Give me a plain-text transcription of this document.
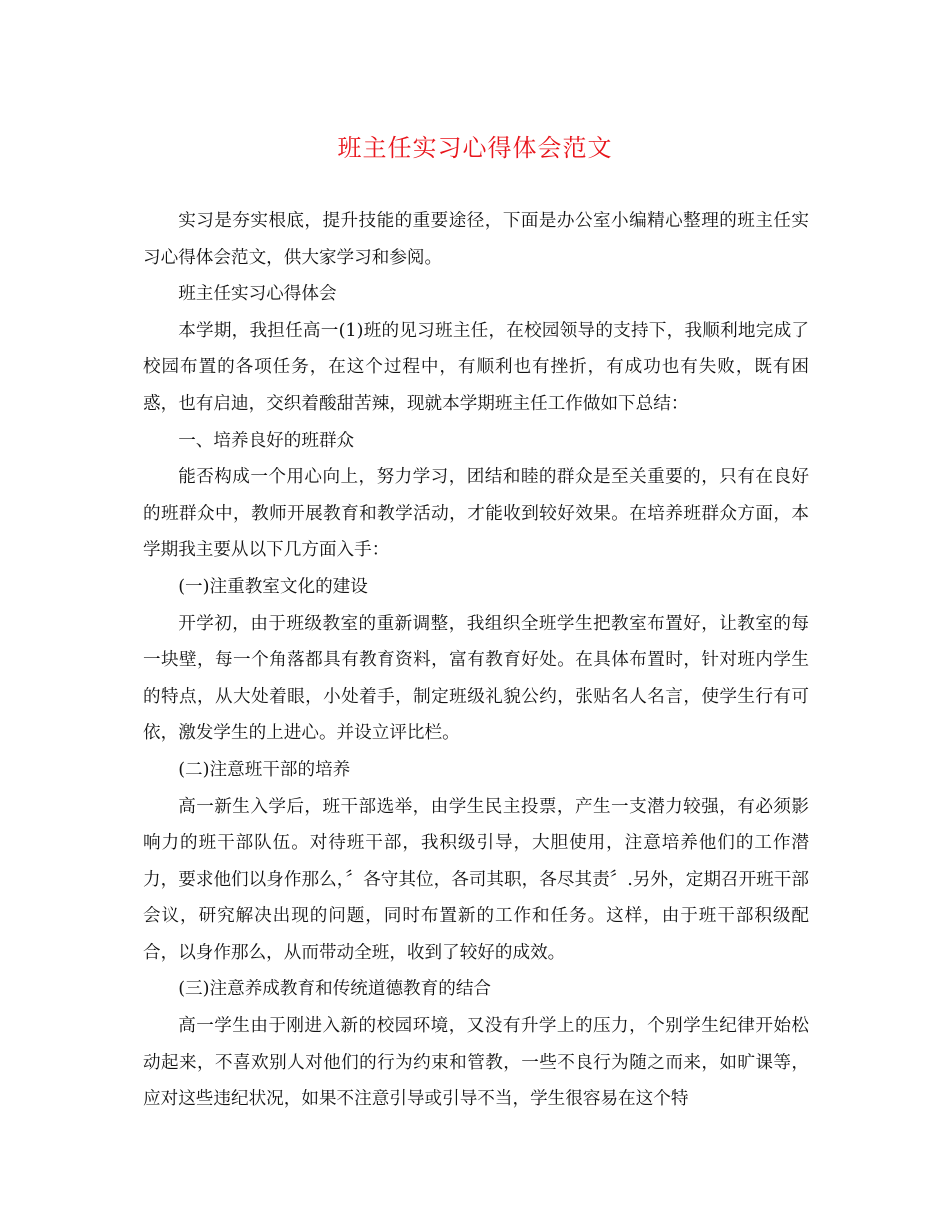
班主任实习心得体会范文

实习是夯实根底，提升技能的重要途径，下面是办公室小编精心整理的班主任实习心得体会范文，供大家学习和参阅。

班主任实习心得体会

本学期，我担任高一(1)班的见习班主任，在校园领导的支持下，我顺利地完成了校园布置的各项任务，在这个过程中，有顺利也有挫折，有成功也有失败，既有困惑，也有启迪，交织着酸甜苦辣，现就本学期班主任工作做如下总结：

一、培养良好的班群众

能否构成一个用心向上，努力学习，团结和睦的群众是至关重要的，只有在良好的班群众中，教师开展教育和教学活动，才能收到较好效果。在培养班群众方面，本学期我主要从以下几方面入手：

(一)注重教室文化的建设

开学初，由于班级教室的重新调整，我组织全班学生把教室布置好，让教室的每一块壁，每一个角落都具有教育资料，富有教育好处。在具体布置时，针对班内学生的特点，从大处着眼，小处着手，制定班级礼貌公约，张贴名人名言，使学生行有可依，激发学生的上进心。并设立评比栏。

(二)注意班干部的培养

高一新生入学后，班干部选举，由学生民主投票，产生一支潜力较强，有必须影响力的班干部队伍。对待班干部，我积级引导，大胆使用，注意培养他们的工作潜力，要求他们以身作那么，〞各守其位，各司其职，各尽其责〞.另外，定期召开班干部会议，研究解决出现的问题，同时布置新的工作和任务。这样，由于班干部积级配合，以身作那么，从而带动全班，收到了较好的成效。

(三)注意养成教育和传统道德教育的结合

高一学生由于刚进入新的校园环境，又没有升学上的压力，个别学生纪律开始松动起来，不喜欢别人对他们的行为约束和管教，一些不良行为随之而来，如旷课等，应对这些违纪状况，如果不注意引导或引导不当，学生很容易在这个特
